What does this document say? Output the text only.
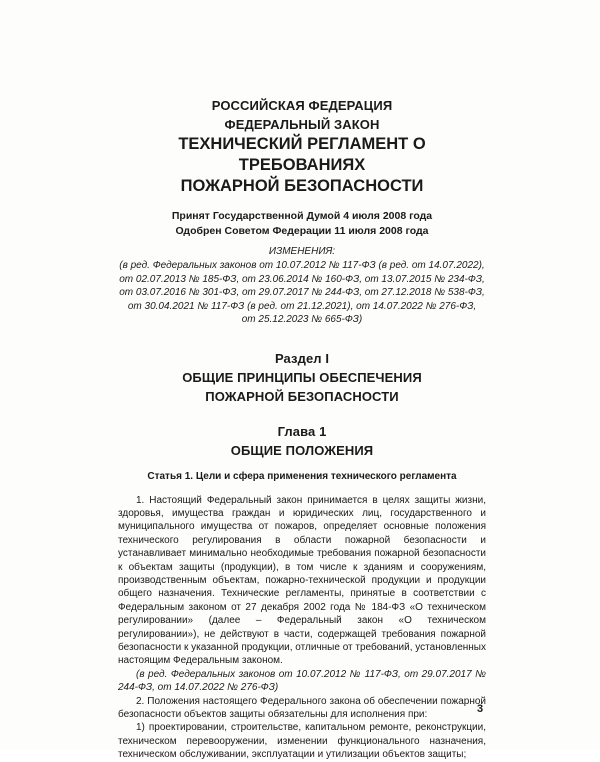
РОССИЙСКАЯ ФЕДЕРАЦИЯ
ФЕДЕРАЛЬНЫЙ ЗАКОН
ТЕХНИЧЕСКИЙ РЕГЛАМЕНТ О ТРЕБОВАНИЯХ
ПОЖАРНОЙ БЕЗОПАСНОСТИ
Принят Государственной Думой 4 июля 2008 года
Одобрен Советом Федерации 11 июля 2008 года
ИЗМЕНЕНИЯ:
(в ред. Федеральных законов от 10.07.2012 № 117-ФЗ (в ред. от 14.07.2022),
от 02.07.2013 № 185-ФЗ, от 23.06.2014 № 160-ФЗ, от 13.07.2015 № 234-ФЗ,
от 03.07.2016 № 301-ФЗ, от 29.07.2017 № 244-ФЗ, от 27.12.2018 № 538-ФЗ,
от 30.04.2021 № 117-ФЗ (в ред. от 21.12.2021), от 14.07.2022 № 276-ФЗ,
от 25.12.2023 № 665-ФЗ)
Раздел I
ОБЩИЕ ПРИНЦИПЫ ОБЕСПЕЧЕНИЯ
ПОЖАРНОЙ БЕЗОПАСНОСТИ
Глава 1
ОБЩИЕ ПОЛОЖЕНИЯ
Статья 1. Цели и сфера применения технического регламента

1. Настоящий Федеральный закон принимается в целях защиты жизни, здоровья, имущества граждан и юридических лиц, государственного и муниципального имущества от пожаров, определяет основные положения технического регулирования в области пожарной безопасности и устанавливает минимально необходимые требования пожарной безопасности к объектам защиты (продукции), в том числе к зданиям и сооружениям, производственным объектам, пожарно-технической продукции и продукции общего назначения. Технические регламенты, принятые в соответствии с Федеральным законом от 27 декабря 2002 года № 184-ФЗ «О техническом регулировании» (далее – Федеральный закон «О техническом регулировании»), не действуют в части, содержащей требования пожарной безопасности к указанной продукции, отличные от требований, установленных настоящим Федеральным законом.

(в ред. Федеральных законов от 10.07.2012 № 117-ФЗ, от 29.07.2017 № 244-ФЗ, от 14.07.2022 № 276-ФЗ)

2. Положения настоящего Федерального закона об обеспечении пожарной безопасности объектов защиты обязательны для исполнения при:

1) проектировании, строительстве, капитальном ремонте, реконструкции, техническом перевооружении, изменении функционального назначения, техническом обслуживании, эксплуатации и утилизации объектов защиты;

3
